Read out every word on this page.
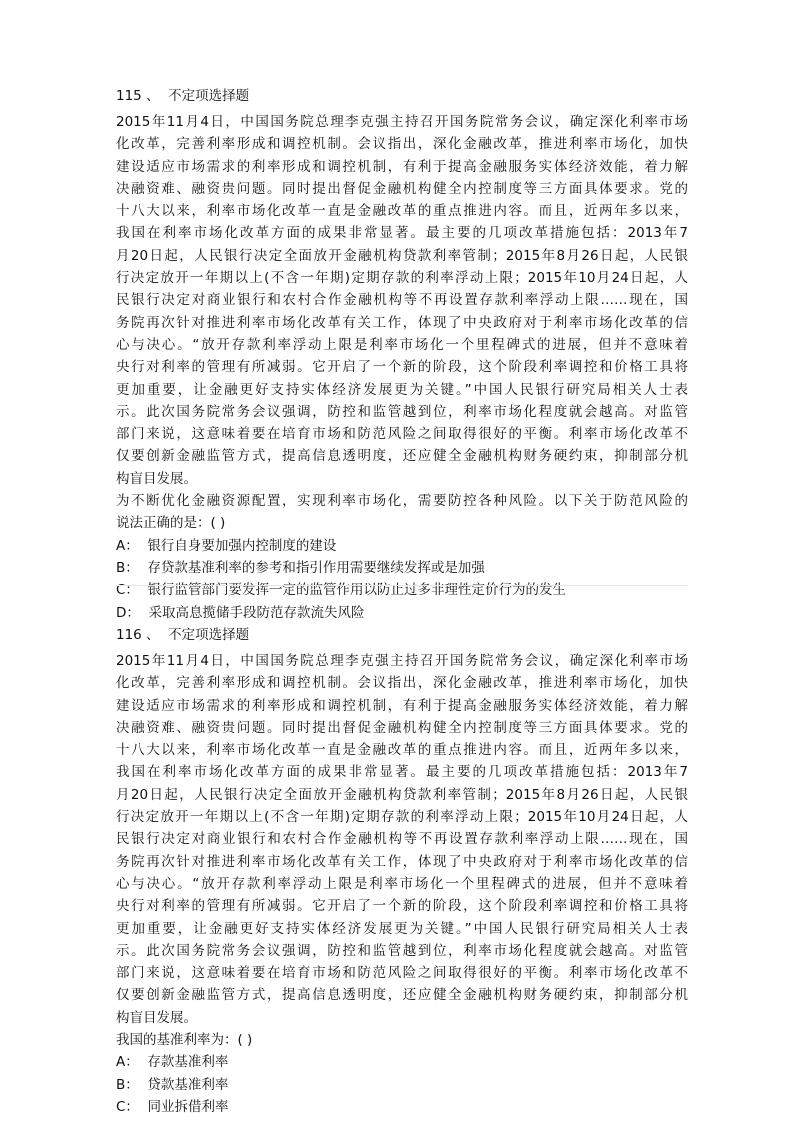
115 、  不定项选择题
2015年11月4日，中国国务院总理李克强主持召开国务院常务会议，确定深化利率市场
化改革，完善利率形成和调控机制。会议指出，深化金融改革，推进利率市场化，加快
建设适应市场需求的利率形成和调控机制，有利于提高金融服务实体经济效能，着力解
决融资难、融资贵问题。同时提出督促金融机构健全内控制度等三方面具体要求。党的
十八大以来，利率市场化改革一直是金融改革的重点推进内容。而且，近两年多以来，
我国在利率市场化改革方面的成果非常显著。最主要的几项改革措施包括：2013年7
月20日起，人民银行决定全面放开金融机构贷款利率管制；2015年8月26日起，人民银
行决定放开一年期以上(不含一年期)定期存款的利率浮动上限；2015年10月24日起，人
民银行决定对商业银行和农村合作金融机构等不再设置存款利率浮动上限……现在，国
务院再次针对推进利率市场化改革有关工作，体现了中央政府对于利率市场化改革的信
心与决心。“放开存款利率浮动上限是利率市场化一个里程碑式的进展，但并不意味着
央行对利率的管理有所减弱。它开启了一个新的阶段，这个阶段利率调控和价格工具将
更加重要，让金融更好支持实体经济发展更为关键。”中国人民银行研究局相关人士表
示。此次国务院常务会议强调，防控和监管越到位，利率市场化程度就会越高。对监管
部门来说，这意味着要在培育市场和防范风险之间取得很好的平衡。利率市场化改革不
仅要创新金融监管方式，提高信息透明度，还应健全金融机构财务硬约束，抑制部分机
构盲目发展。
为不断优化金融资源配置，实现利率市场化，需要防控各种风险。以下关于防范风险的
说法正确的是：( )
A：  银行自身要加强内控制度的建设
B：  存贷款基准利率的参考和指引作用需要继续发挥或是加强
C：  银行监管部门要发挥一定的监管作用以防止过多非理性定价行为的发生
D：  采取高息揽储手段防范存款流失风险
116 、  不定项选择题
2015年11月4日，中国国务院总理李克强主持召开国务院常务会议，确定深化利率市场
化改革，完善利率形成和调控机制。会议指出，深化金融改革，推进利率市场化，加快
建设适应市场需求的利率形成和调控机制，有利于提高金融服务实体经济效能，着力解
决融资难、融资贵问题。同时提出督促金融机构健全内控制度等三方面具体要求。党的
十八大以来，利率市场化改革一直是金融改革的重点推进内容。而且，近两年多以来，
我国在利率市场化改革方面的成果非常显著。最主要的几项改革措施包括：2013年7
月20日起，人民银行决定全面放开金融机构贷款利率管制；2015年8月26日起，人民银
行决定放开一年期以上(不含一年期)定期存款的利率浮动上限；2015年10月24日起，人
民银行决定对商业银行和农村合作金融机构等不再设置存款利率浮动上限……现在，国
务院再次针对推进利率市场化改革有关工作，体现了中央政府对于利率市场化改革的信
心与决心。“放开存款利率浮动上限是利率市场化一个里程碑式的进展，但并不意味着
央行对利率的管理有所减弱。它开启了一个新的阶段，这个阶段利率调控和价格工具将
更加重要，让金融更好支持实体经济发展更为关键。”中国人民银行研究局相关人士表
示。此次国务院常务会议强调，防控和监管越到位，利率市场化程度就会越高。对监管
部门来说，这意味着要在培育市场和防范风险之间取得很好的平衡。利率市场化改革不
仅要创新金融监管方式，提高信息透明度，还应健全金融机构财务硬约束，抑制部分机
构盲目发展。
我国的基准利率为：( )
A：  存款基准利率
B：  贷款基准利率
C：  同业拆借利率
